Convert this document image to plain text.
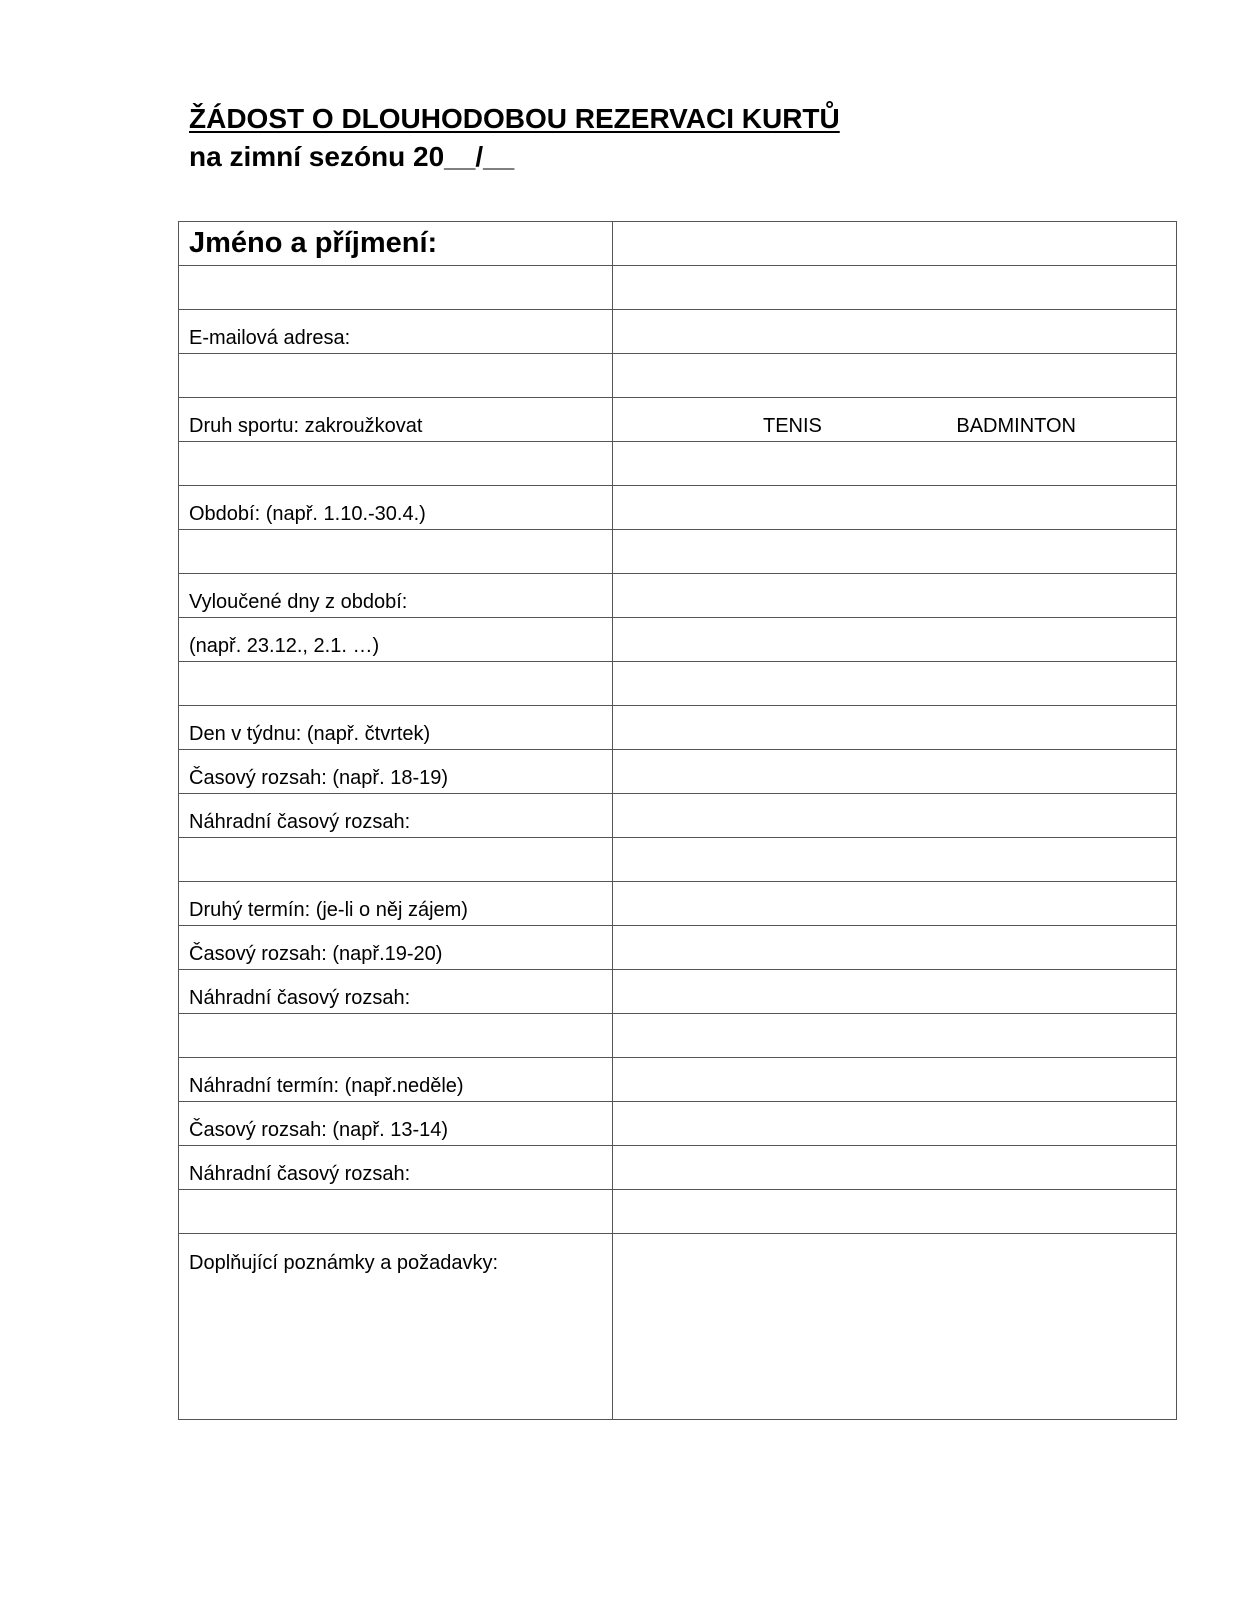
ŽÁDOST O DLOUHODOBOU REZERVACI KURTŮ
na zimní sezónu 20__/__
Jméno a příjmení:	

E-mailová adresa:	

Druh sportu: zakroužkovat	TENIS BADMINTON

Období: (např. 1.10.-30.4.)	

Vyloučené dny z období:	
(např. 23.12., 2.1. …)	

Den v týdnu: (např. čtvrtek)	
Časový rozsah: (např. 18-19)	
Náhradní časový rozsah:	

Druhý termín: (je-li o něj zájem)	
Časový rozsah: (např.19-20)	
Náhradní časový rozsah:	

Náhradní termín: (např.neděle)	
Časový rozsah: (např. 13-14)	
Náhradní časový rozsah:	

Doplňující poznámky a požadavky:	
